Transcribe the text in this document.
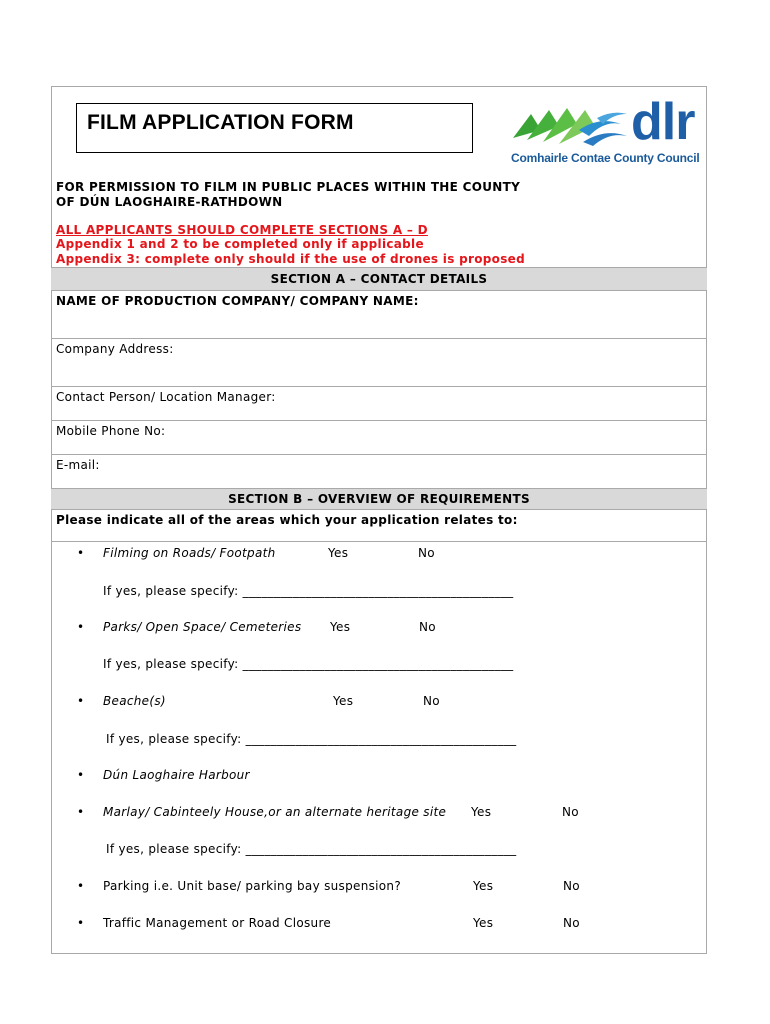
FILM APPLICATION FORM	dlr
Comhairle Contae County Council
FOR PERMISSION TO FILM IN PUBLIC PLACES WITHIN THE COUNTY
OF DÚN LAOGHAIRE-RATHDOWN
ALL APPLICANTS SHOULD COMPLETE SECTIONS A – D
Appendix 1 and 2 to be completed only if applicable
Appendix 3: complete only should if the use of drones is proposed
SECTION A – CONTACT DETAILS
NAME OF PRODUCTION COMPANY/ COMPANY NAME:
Company Address:
Contact Person/ Location Manager:
Mobile Phone No:
E-mail:
SECTION B – OVERVIEW OF REQUIREMENTS
Please indicate all of the areas which your application relates to:
• Filming on Roads/ Footpath	Yes	No
If yes, please specify: ___________________________________________
• Parks/ Open Space/ Cemeteries Yes	No
If yes, please specify: ___________________________________________
• Beache(s)	Yes	No
If yes, please specify: ___________________________________________
• Dún Laoghaire Harbour
• Marlay/ Cabinteely House,or an alternate heritage site Yes	No
If yes, please specify: ___________________________________________
• Parking i.e. Unit base/ parking bay suspension?	Yes	No
• Traffic Management or Road Closure	Yes	No
